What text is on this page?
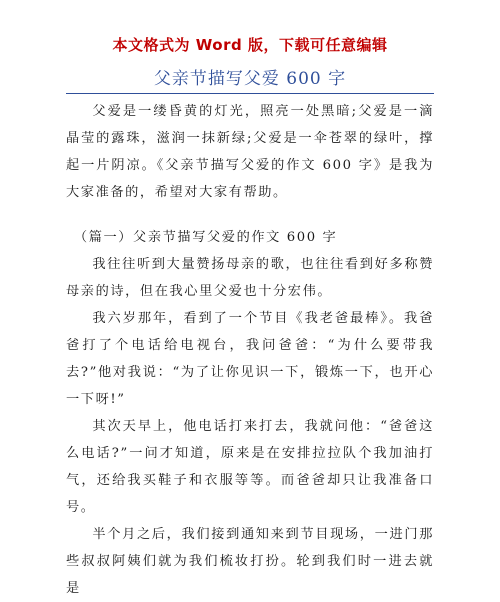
本文格式为 Word 版，下载可任意编辑
父亲节描写父爱 600 字

父爱是一缕昏黄的灯光，照亮一处黑暗;父爱是一滴晶莹的露珠，滋润一抹新绿;父爱是一伞苍翠的绿叶，撑起一片阴凉。《父亲节描写父爱的作文 600 字》是我为大家准备的，希望对大家有帮助。

（篇一）父亲节描写父爱的作文 600 字

我往往听到大量赞扬母亲的歌，也往往看到好多称赞母亲的诗，但在我心里父爱也十分宏伟。

我六岁那年，看到了一个节目《我老爸最棒》。我爸爸打了个电话给电视台，我问爸爸：“为什么要带我去?”他对我说：“为了让你见识一下，锻炼一下，也开心一下呀!”

其次天早上，他电话打来打去，我就问他：“爸爸这么电话?”一问才知道，原来是在安排拉拉队个我加油打气，还给我买鞋子和衣服等等。而爸爸却只让我准备口号。

半个月之后，我们接到通知来到节目现场，一进门那些叔叔阿姨们就为我们梳妆打扮。轮到我们时一进去就是
